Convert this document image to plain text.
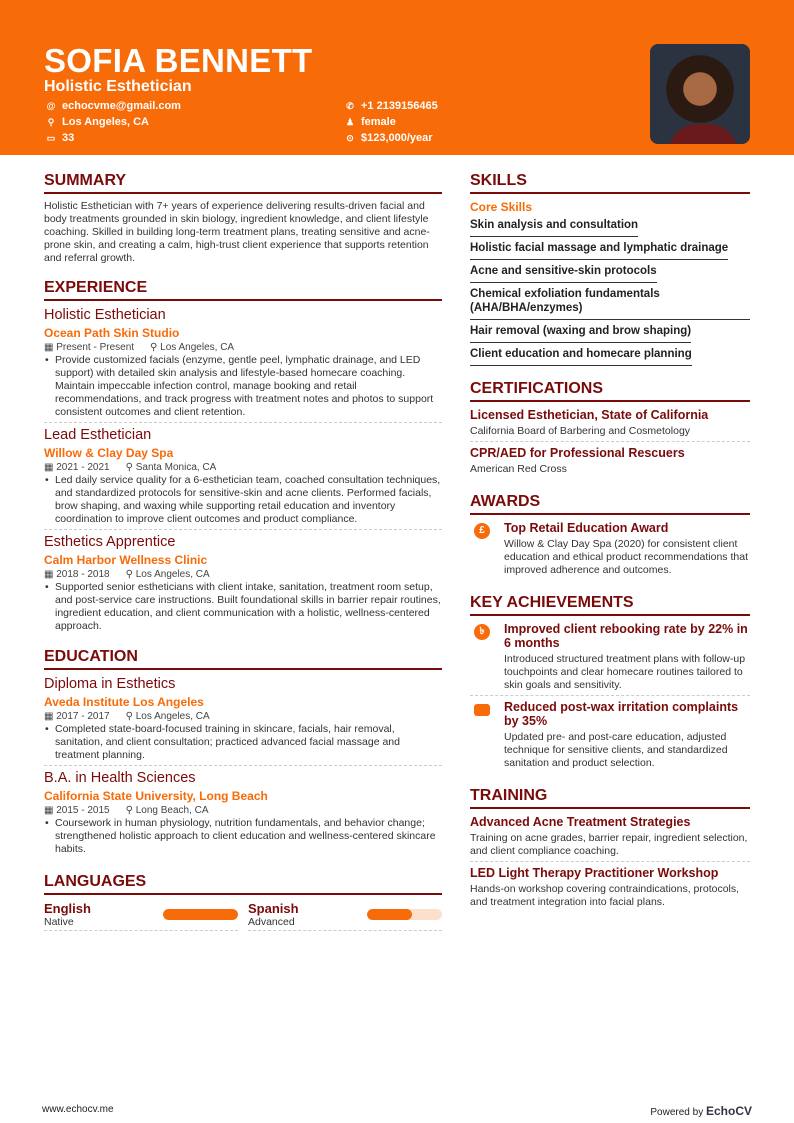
SOFIA BENNETT
Holistic Esthetician
@ echocvme@gmail.com
⚲ Los Angeles, CA
▭ 33
✆ +1 2139156465
♟ female
⊙ $123,000/year
SUMMARY
Holistic Esthetician with 7+ years of experience delivering results-driven facial and body treatments grounded in skin biology, ingredient knowledge, and client lifestyle coaching. Skilled in building long-term treatment plans, treating sensitive and acne-prone skin, and creating a calm, high-trust client experience that supports retention and referral growth.
EXPERIENCE
Holistic Esthetician
Ocean Path Skin Studio
▦ Present - Present ⚲ Los Angeles, CA
• Provide customized facials (enzyme, gentle peel, lymphatic drainage, and LED support) with detailed skin analysis and lifestyle-based homecare coaching. Maintain impeccable infection control, manage booking and retail recommendations, and track progress with treatment notes and photos to support consistent outcomes and client retention.
Lead Esthetician
Willow & Clay Day Spa
▦ 2021 - 2021 ⚲ Santa Monica, CA
• Led daily service quality for a 6-esthetician team, coached consultation techniques, and standardized protocols for sensitive-skin and acne clients. Performed facials, brow shaping, and waxing while supporting retail education and inventory coordination to improve client outcomes and product compliance.
Esthetics Apprentice
Calm Harbor Wellness Clinic
▦ 2018 - 2018 ⚲ Los Angeles, CA
• Supported senior estheticians with client intake, sanitation, treatment room setup, and post-service care instructions. Built foundational skills in barrier repair routines, ingredient education, and client communication with a holistic, wellness-centered approach.
EDUCATION
Diploma in Esthetics
Aveda Institute Los Angeles
▦ 2017 - 2017 ⚲ Los Angeles, CA
• Completed state-board-focused training in skincare, facials, hair removal, sanitation, and client consultation; practiced advanced facial massage and treatment planning.
B.A. in Health Sciences
California State University, Long Beach
▦ 2015 - 2015 ⚲ Long Beach, CA
• Coursework in human physiology, nutrition fundamentals, and behavior change; strengthened holistic approach to client education and wellness-centered skincare habits.
LANGUAGES
English
Native
Spanish
Advanced
SKILLS
Core Skills
Skin analysis and consultation
Holistic facial massage and lymphatic drainage
Acne and sensitive-skin protocols
Chemical exfoliation fundamentals (AHA/BHA/enzymes)
Hair removal (waxing and brow shaping)
Client education and homecare planning
CERTIFICATIONS
Licensed Esthetician, State of California
California Board of Barbering and Cosmetology
CPR/AED for Professional Rescuers
American Red Cross
AWARDS
£	Top Retail Education Award
Willow & Clay Day Spa (2020) for consistent client education and ethical product recommendations that improved adherence and outcomes.
KEY ACHIEVEMENTS
৳	Improved client rebooking rate by 22% in 6 months
Introduced structured treatment plans with follow-up touchpoints and clear homecare routines tailored to skin goals and sensitivity.
Reduced post-wax irritation complaints by 35%
Updated pre- and post-care education, adjusted technique for sensitive clients, and standardized sanitation and product selection.
TRAINING
Advanced Acne Treatment Strategies
Training on acne grades, barrier repair, ingredient selection, and client compliance coaching.
LED Light Therapy Practitioner Workshop
Hands-on workshop covering contraindications, protocols, and treatment integration into facial plans.
www.echocv.me	Powered by EchoCV
